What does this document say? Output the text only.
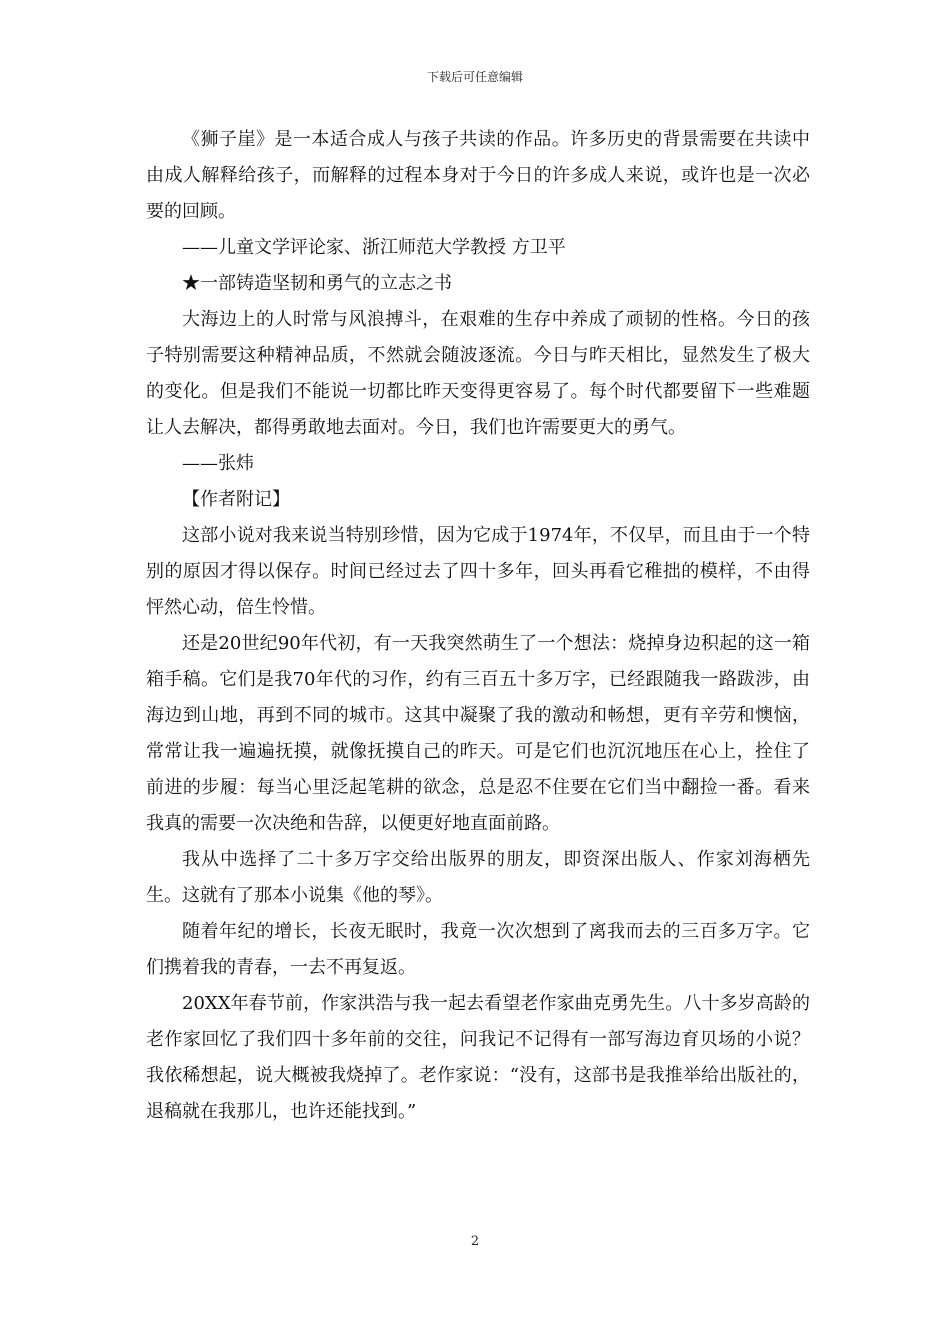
下载后可任意编辑

《狮子崖》是一本适合成人与孩子共读的作品。许多历史的背景需要在共读中由成人解释给孩子，而解释的过程本身对于今日的许多成人来说，或许也是一次必要的回顾。

——儿童文学评论家、浙江师范大学教授 方卫平

★一部铸造坚韧和勇气的立志之书

大海边上的人时常与风浪搏斗，在艰难的生存中养成了顽韧的性格。今日的孩子特别需要这种精神品质，不然就会随波逐流。今日与昨天相比，显然发生了极大的变化。但是我们不能说一切都比昨天变得更容易了。每个时代都要留下一些难题让人去解决，都得勇敢地去面对。今日，我们也许需要更大的勇气。

——张炜

【作者附记】

这部小说对我来说当特别珍惜，因为它成于1974年，不仅早，而且由于一个特别的原因才得以保存。时间已经过去了四十多年，回头再看它稚拙的模样，不由得怦然心动，倍生怜惜。

还是20世纪90年代初，有一天我突然萌生了一个想法：烧掉身边积起的这一箱箱手稿。它们是我70年代的习作，约有三百五十多万字，已经跟随我一路跋涉，由海边到山地，再到不同的城市。这其中凝聚了我的激动和畅想，更有辛劳和懊恼，常常让我一遍遍抚摸，就像抚摸自己的昨天。可是它们也沉沉地压在心上，拴住了前进的步履：每当心里泛起笔耕的欲念，总是忍不住要在它们当中翻捡一番。看来我真的需要一次决绝和告辞，以便更好地直面前路。

我从中选择了二十多万字交给出版界的朋友，即资深出版人、作家刘海栖先生。这就有了那本小说集《他的琴》。

随着年纪的增长，长夜无眠时，我竟一次次想到了离我而去的三百多万字。它们携着我的青春，一去不再复返。

20XX年春节前，作家洪浩与我一起去看望老作家曲克勇先生。八十多岁高龄的老作家回忆了我们四十多年前的交往，问我记不记得有一部写海边育贝场的小说？我依稀想起，说大概被我烧掉了。老作家说：“没有，这部书是我推举给出版社的，退稿就在我那儿，也许还能找到。”

2
